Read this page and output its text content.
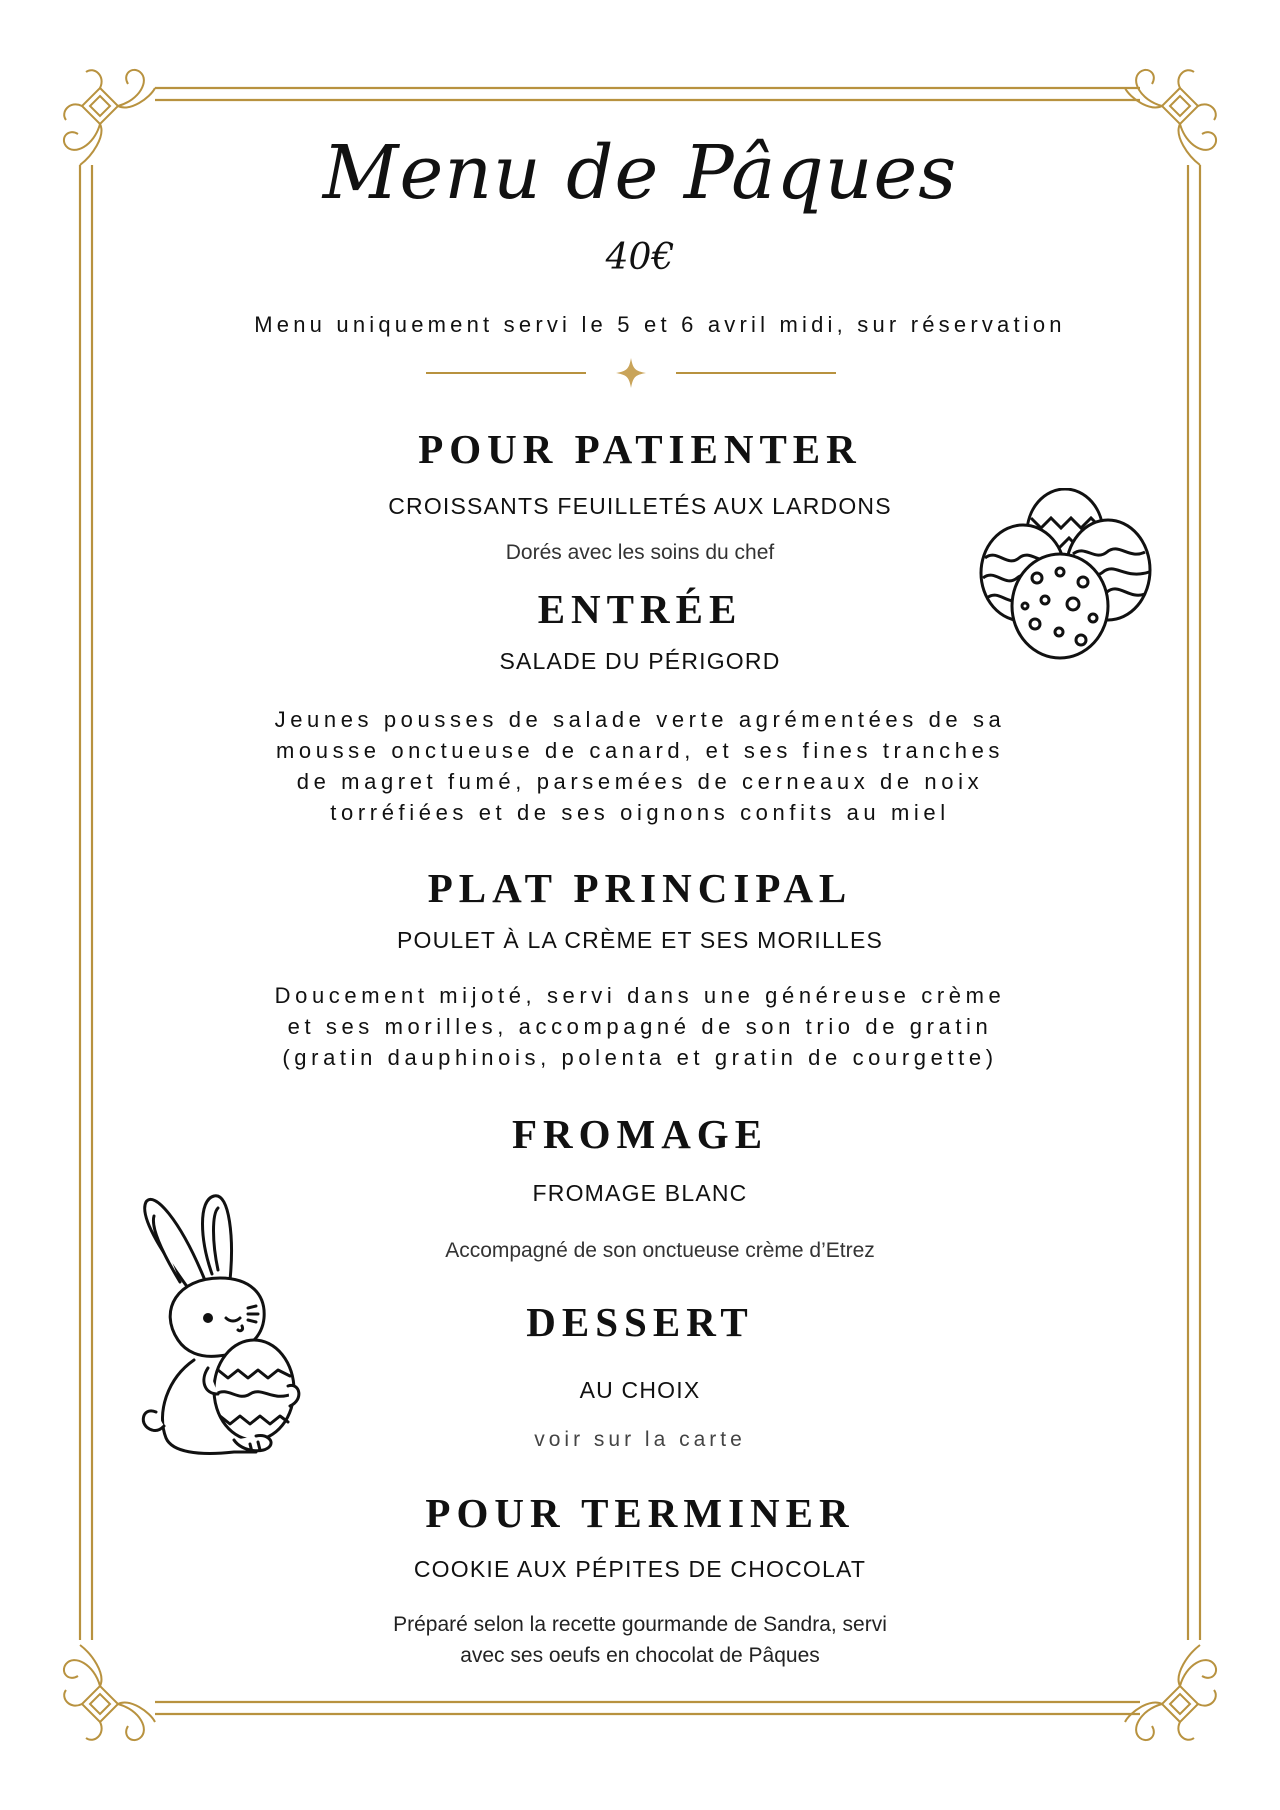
Menu de Pâques
40€
Menu uniquement servi le 5 et 6 avril midi, sur réservation
POUR PATIENTER
CROISSANTS FEUILLETÉS AUX LARDONS
Dorés avec les soins du chef
ENTRÉE
SALADE DU PÉRIGORD
Jeunes pousses de salade verte agrémentées de sa
mousse onctueuse de canard, et ses fines tranches
de magret fumé, parsemées de cerneaux de noix
torréfiées et de ses oignons confits au miel
PLAT PRINCIPAL
POULET À LA CRÈME ET SES MORILLES
Doucement mijoté, servi dans une généreuse crème
et ses morilles, accompagné de son trio de gratin
(gratin dauphinois, polenta et gratin de courgette)
FROMAGE
FROMAGE BLANC
Accompagné de son onctueuse crème d’Etrez
DESSERT
AU CHOIX
voir sur la carte
POUR TERMINER
COOKIE AUX PÉPITES DE CHOCOLAT
Préparé selon la recette gourmande de Sandra, servi
avec ses oeufs en chocolat de Pâques
